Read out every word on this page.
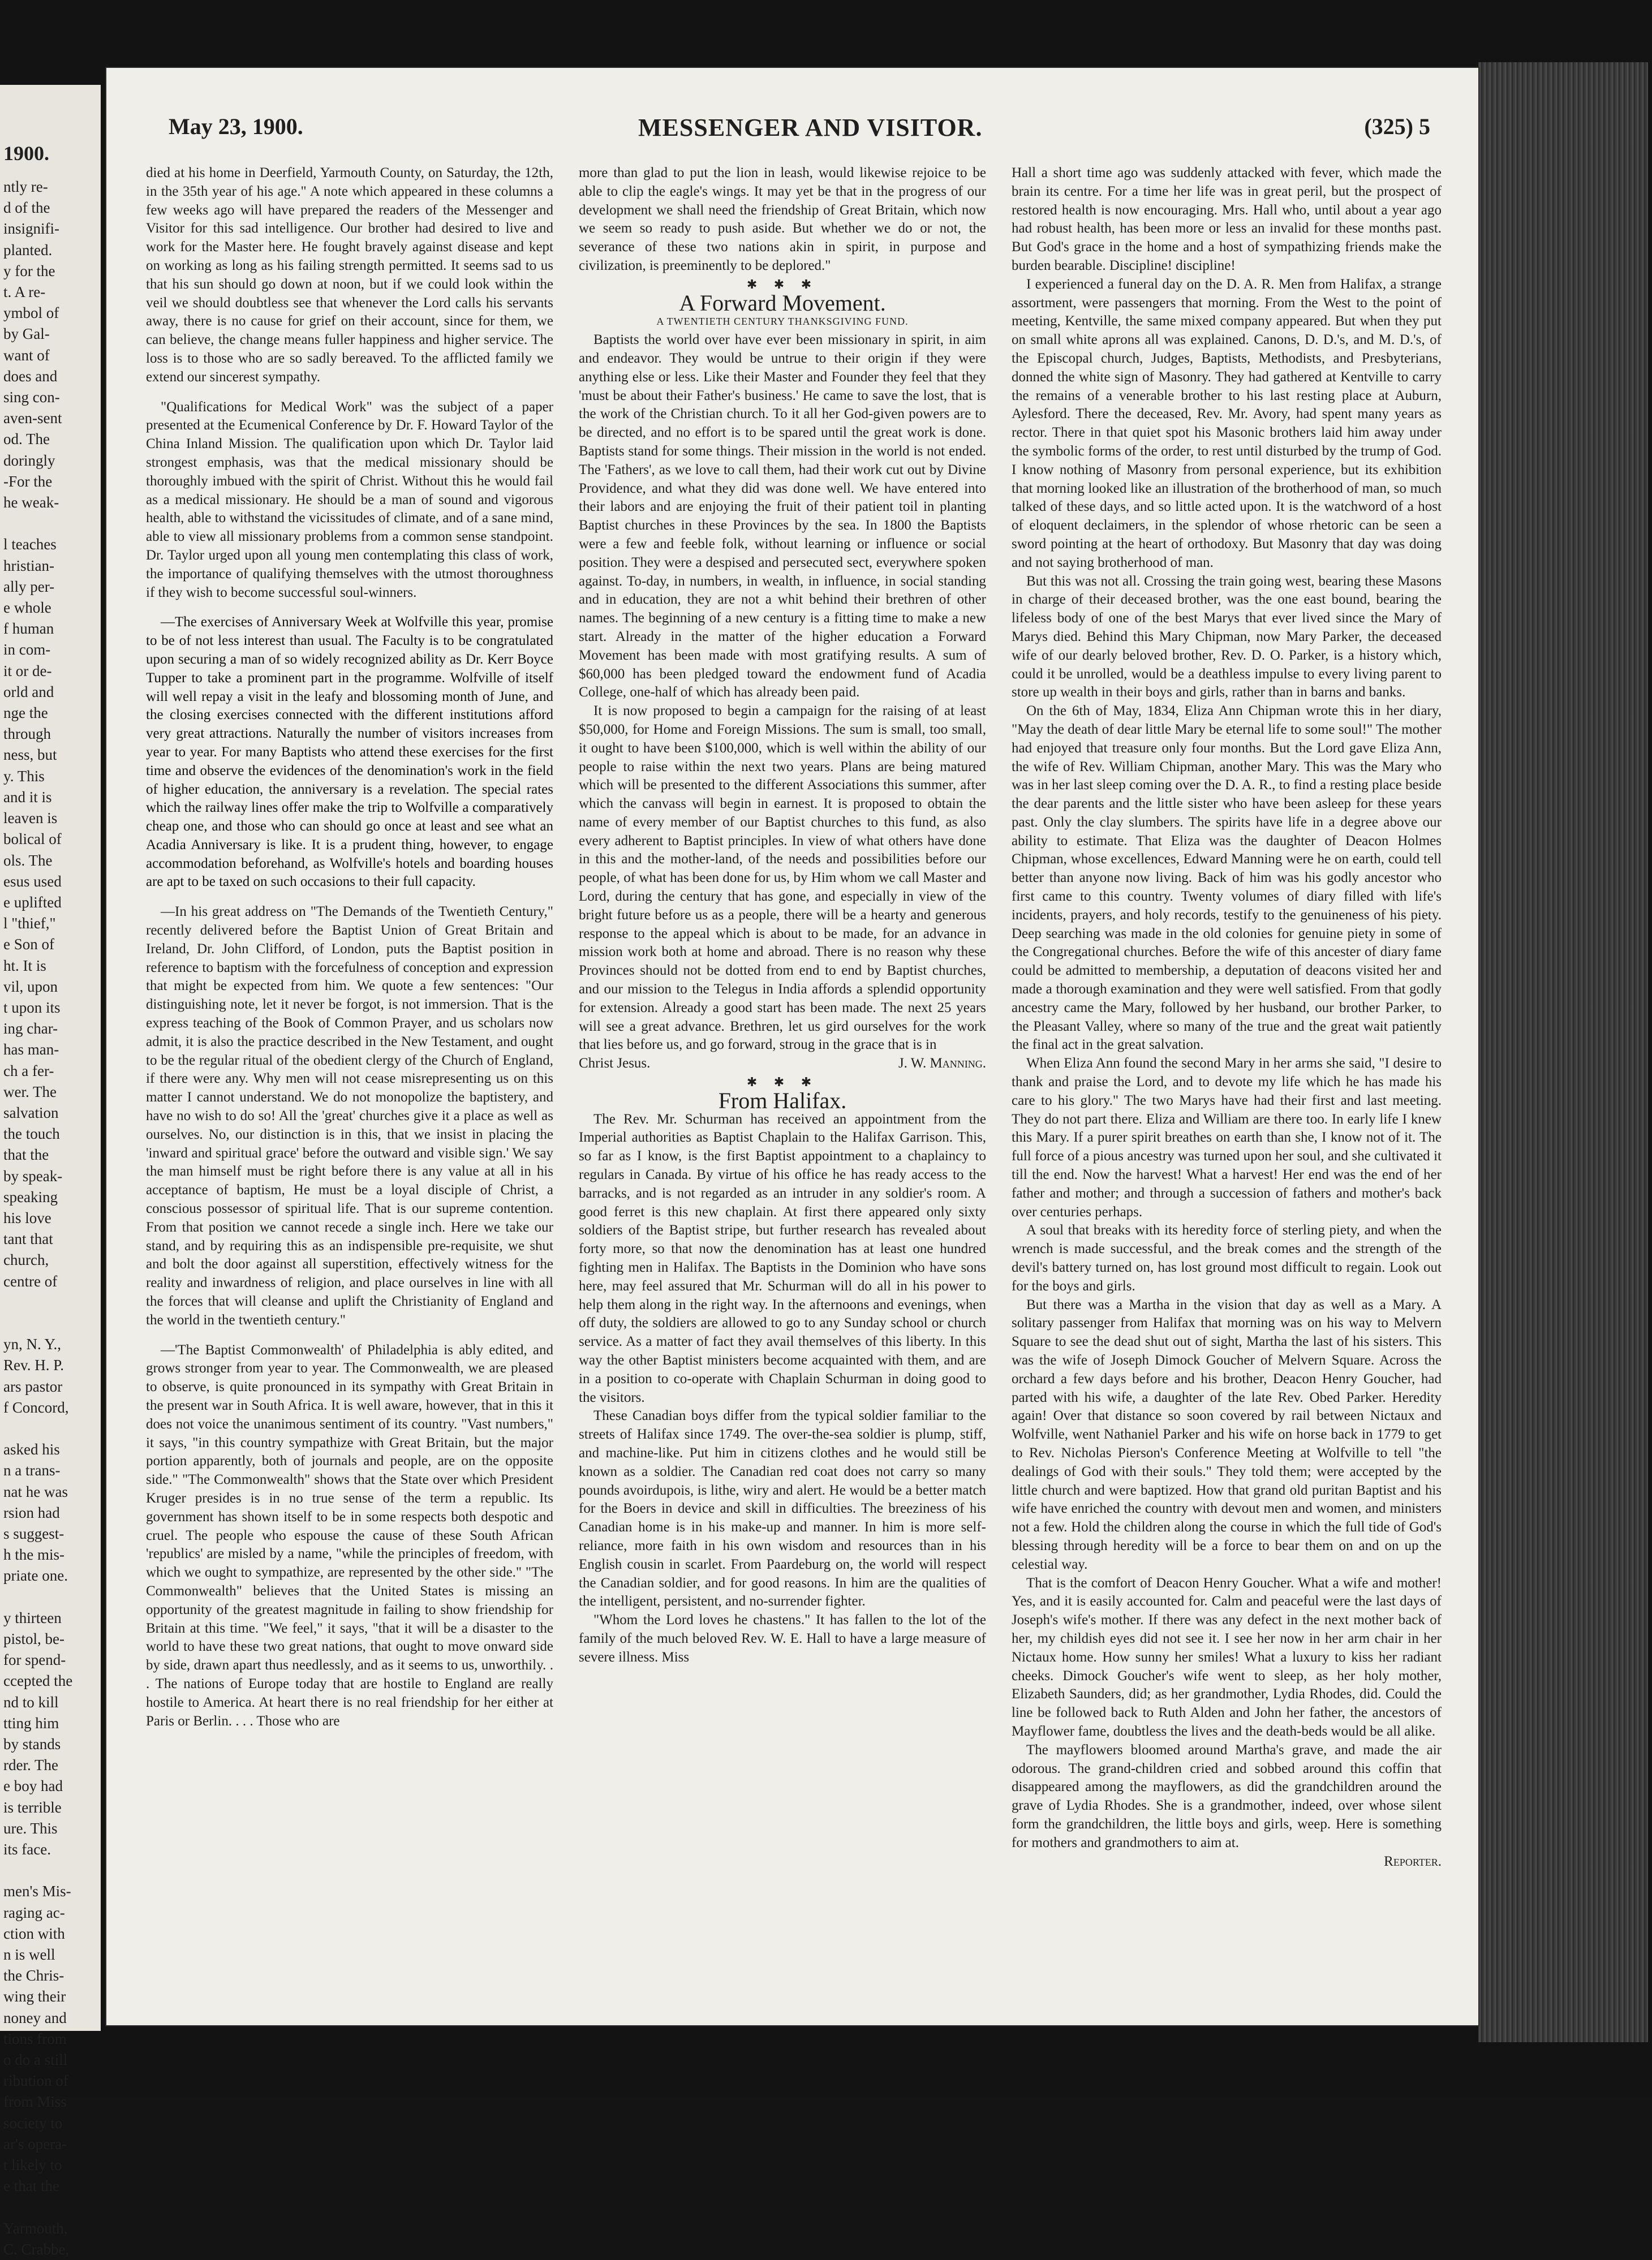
1900.
ntly re-
d of the
insignifi-
planted.
y for the
t. A re-
ymbol of
by Gal-
want of
does and
sing con-
aven-sent
od. The
doringly
-For the
he weak-

l teaches
hristian-
ally per-
e whole
f human
in com-
it or de-
orld and
nge the
through
ness, but
y. This
and it is
leaven is
bolical of
ols. The
esus used
e uplifted
l "thief,"
e Son of
ht. It is
vil, upon
t upon its
ing char-
has man-
ch a fer-
wer. The
salvation
the touch
that the
by speak-
speaking
his love
tant that
church,
centre of

yn, N. Y.,
Rev. H. P.
ars pastor
f Concord,

asked his
n a trans-
nat he was
rsion had
s suggest-
h the mis-
priate one.

y thirteen
pistol, be-
for spend-
ccepted the
nd to kill
tting him
by stands
rder. The
e boy had
is terrible
ure. This
its face.

men's Mis-
raging ac-
ction with
n is well
the Chris-
wing their
noney and
tions from
o do a still
ribution of
from Miss
society to
ar's opera-
t likely to
e that the

Yarmouth,
C. Crabbe,
May 23, 1900.	MESSENGER AND VISITOR.	(325) 5

died at his home in Deerfield, Yarmouth County, on Saturday, the 12th, in the 35th year of his age." A note which appeared in these columns a few weeks ago will have prepared the readers of the Messenger and Visitor for this sad intelligence. Our brother had desired to live and work for the Master here. He fought bravely against disease and kept on working as long as his failing strength permitted. It seems sad to us that his sun should go down at noon, but if we could look within the veil we should doubtless see that whenever the Lord calls his servants away, there is no cause for grief on their account, since for them, we can believe, the change means fuller happiness and higher service. The loss is to those who are so sadly bereaved. To the afflicted family we extend our sincerest sympathy.

"Qualifications for Medical Work" was the subject of a paper presented at the Ecumenical Conference by Dr. F. Howard Taylor of the China Inland Mission. The qualification upon which Dr. Taylor laid strongest emphasis, was that the medical missionary should be thoroughly imbued with the spirit of Christ. Without this he would fail as a medical missionary. He should be a man of sound and vigorous health, able to withstand the vicissitudes of climate, and of a sane mind, able to view all missionary problems from a common sense standpoint. Dr. Taylor urged upon all young men contemplating this class of work, the importance of qualifying themselves with the utmost thoroughness if they wish to become successful soul-winners.

—The exercises of Anniversary Week at Wolfville this year, promise to be of not less interest than usual. The Faculty is to be congratulated upon securing a man of so widely recognized ability as Dr. Kerr Boyce Tupper to take a prominent part in the programme. Wolfville of itself will well repay a visit in the leafy and blossoming month of June, and the closing exercises connected with the different institutions afford very great attractions. Naturally the number of visitors increases from year to year. For many Baptists who attend these exercises for the first time and observe the evidences of the denomination's work in the field of higher education, the anniversary is a revelation. The special rates which the railway lines offer make the trip to Wolfville a comparatively cheap one, and those who can should go once at least and see what an Acadia Anniversary is like. It is a prudent thing, however, to engage accommodation beforehand, as Wolfville's hotels and boarding houses are apt to be taxed on such occasions to their full capacity.

—In his great address on "The Demands of the Twentieth Century," recently delivered before the Baptist Union of Great Britain and Ireland, Dr. John Clifford, of London, puts the Baptist position in reference to baptism with the forcefulness of conception and expression that might be expected from him. We quote a few sentences: "Our distinguishing note, let it never be forgot, is not immersion. That is the express teaching of the Book of Common Prayer, and us scholars now admit, it is also the practice described in the New Testament, and ought to be the regular ritual of the obedient clergy of the Church of England, if there were any. Why men will not cease misrepresenting us on this matter I cannot understand. We do not monopolize the baptistery, and have no wish to do so! All the 'great' churches give it a place as well as ourselves. No, our distinction is in this, that we insist in placing the 'inward and spiritual grace' before the outward and visible sign.' We say the man himself must be right before there is any value at all in his acceptance of baptism, He must be a loyal disciple of Christ, a conscious possessor of spiritual life. That is our supreme contention. From that position we cannot recede a single inch. Here we take our stand, and by requiring this as an indispensible pre-requisite, we shut and bolt the door against all superstition, effectively witness for the reality and inwardness of religion, and place ourselves in line with all the forces that will cleanse and uplift the Christianity of England and the world in the twentieth century."

—'The Baptist Commonwealth' of Philadelphia is ably edited, and grows stronger from year to year. The Commonwealth, we are pleased to observe, is quite pronounced in its sympathy with Great Britain in the present war in South Africa. It is well aware, however, that in this it does not voice the unanimous sentiment of its country. "Vast numbers," it says, "in this country sympathize with Great Britain, but the major portion apparently, both of journals and people, are on the opposite side." "The Commonwealth" shows that the State over which President Kruger presides is in no true sense of the term a republic. Its government has shown itself to be in some respects both despotic and cruel. The people who espouse the cause of these South African 'republics' are misled by a name, "while the principles of freedom, with which we ought to sympathize, are represented by the other side." "The Commonwealth" believes that the United States is missing an opportunity of the greatest magnitude in failing to show friendship for Britain at this time. "We feel," it says, "that it will be a disaster to the world to have these two great nations, that ought to move onward side by side, drawn apart thus needlessly, and as it seems to us, unworthily. . . The nations of Europe today that are hostile to England are really hostile to America. At heart there is no real friendship for her either at Paris or Berlin. . . . Those who are

more than glad to put the lion in leash, would likewise rejoice to be able to clip the eagle's wings. It may yet be that in the progress of our development we shall need the friendship of Great Britain, which now we seem so ready to push aside. But whether we do or not, the severance of these two nations akin in spirit, in purpose and civilization, is preeminently to be deplored."

✱ ✱ ✱

A Forward Movement.

A TWENTIETH CENTURY THANKSGIVING FUND.

Baptists the world over have ever been missionary in spirit, in aim and endeavor. They would be untrue to their origin if they were anything else or less. Like their Master and Founder they feel that they 'must be about their Father's business.' He came to save the lost, that is the work of the Christian church. To it all her God-given powers are to be directed, and no effort is to be spared until the great work is done. Baptists stand for some things. Their mission in the world is not ended. The 'Fathers', as we love to call them, had their work cut out by Divine Providence, and what they did was done well. We have entered into their labors and are enjoying the fruit of their patient toil in planting Baptist churches in these Provinces by the sea. In 1800 the Baptists were a few and feeble folk, without learning or influence or social position. They were a despised and persecuted sect, everywhere spoken against. To-day, in numbers, in wealth, in influence, in social standing and in education, they are not a whit behind their brethren of other names. The beginning of a new century is a fitting time to make a new start. Already in the matter of the higher education a Forward Movement has been made with most gratifying results. A sum of $60,000 has been pledged toward the endowment fund of Acadia College, one-half of which has already been paid.

It is now proposed to begin a campaign for the raising of at least $50,000, for Home and Foreign Missions. The sum is small, too small, it ought to have been $100,000, which is well within the ability of our people to raise within the next two years. Plans are being matured which will be presented to the different Associations this summer, after which the canvass will begin in earnest. It is proposed to obtain the name of every member of our Baptist churches to this fund, as also every adherent to Baptist principles. In view of what others have done in this and the mother-land, of the needs and possibilities before our people, of what has been done for us, by Him whom we call Master and Lord, during the century that has gone, and especially in view of the bright future before us as a people, there will be a hearty and generous response to the appeal which is about to be made, for an advance in mission work both at home and abroad. There is no reason why these Provinces should not be dotted from end to end by Baptist churches, and our mission to the Telegus in India affords a splendid opportunity for extension. Already a good start has been made. The next 25 years will see a great advance. Brethren, let us gird ourselves for the work that lies before us, and go forward, stroug in the grace that is in

Christ Jesus.	J. W. Manning.

✱ ✱ ✱

From Halifax.

The Rev. Mr. Schurman has received an appointment from the Imperial authorities as Baptist Chaplain to the Halifax Garrison. This, so far as I know, is the first Baptist appointment to a chaplaincy to regulars in Canada. By virtue of his office he has ready access to the barracks, and is not regarded as an intruder in any soldier's room. A good ferret is this new chaplain. At first there appeared only sixty soldiers of the Baptist stripe, but further research has revealed about forty more, so that now the denomination has at least one hundred fighting men in Halifax. The Baptists in the Dominion who have sons here, may feel assured that Mr. Schurman will do all in his power to help them along in the right way. In the afternoons and evenings, when off duty, the soldiers are allowed to go to any Sunday school or church service. As a matter of fact they avail themselves of this liberty. In this way the other Baptist ministers become acquainted with them, and are in a position to co-operate with Chaplain Schurman in doing good to the visitors.

These Canadian boys differ from the typical soldier familiar to the streets of Halifax since 1749. The over-the-sea soldier is plump, stiff, and machine-like. Put him in citizens clothes and he would still be known as a soldier. The Canadian red coat does not carry so many pounds avoirdupois, is lithe, wiry and alert. He would be a better match for the Boers in device and skill in difficulties. The breeziness of his Canadian home is in his make-up and manner. In him is more self-reliance, more faith in his own wisdom and resources than in his English cousin in scarlet. From Paardeburg on, the world will respect the Canadian soldier, and for good reasons. In him are the qualities of the intelligent, persistent, and no-surrender fighter.

"Whom the Lord loves he chastens." It has fallen to the lot of the family of the much beloved Rev. W. E. Hall to have a large measure of severe illness. Miss

Hall a short time ago was suddenly attacked with fever, which made the brain its centre. For a time her life was in great peril, but the prospect of restored health is now encouraging. Mrs. Hall who, until about a year ago had robust health, has been more or less an invalid for these months past. But God's grace in the home and a host of sympathizing friends make the burden bearable. Discipline! discipline!

I experienced a funeral day on the D. A. R. Men from Halifax, a strange assortment, were passengers that morning. From the West to the point of meeting, Kentville, the same mixed company appeared. But when they put on small white aprons all was explained. Canons, D. D.'s, and M. D.'s, of the Episcopal church, Judges, Baptists, Methodists, and Presbyterians, donned the white sign of Masonry. They had gathered at Kentville to carry the remains of a venerable brother to his last resting place at Auburn, Aylesford. There the deceased, Rev. Mr. Avory, had spent many years as rector. There in that quiet spot his Masonic brothers laid him away under the symbolic forms of the order, to rest until disturbed by the trump of God. I know nothing of Masonry from personal experience, but its exhibition that morning looked like an illustration of the brotherhood of man, so much talked of these days, and so little acted upon. It is the watchword of a host of eloquent declaimers, in the splendor of whose rhetoric can be seen a sword pointing at the heart of orthodoxy. But Masonry that day was doing and not saying brotherhood of man.

But this was not all. Crossing the train going west, bearing these Masons in charge of their deceased brother, was the one east bound, bearing the lifeless body of one of the best Marys that ever lived since the Mary of Marys died. Behind this Mary Chipman, now Mary Parker, the deceased wife of our dearly beloved brother, Rev. D. O. Parker, is a history which, could it be unrolled, would be a deathless impulse to every living parent to store up wealth in their boys and girls, rather than in barns and banks.

On the 6th of May, 1834, Eliza Ann Chipman wrote this in her diary, "May the death of dear little Mary be eternal life to some soul!" The mother had enjoyed that treasure only four months. But the Lord gave Eliza Ann, the wife of Rev. William Chipman, another Mary. This was the Mary who was in her last sleep coming over the D. A. R., to find a resting place beside the dear parents and the little sister who have been asleep for these years past. Only the clay slumbers. The spirits have life in a degree above our ability to estimate. That Eliza was the daughter of Deacon Holmes Chipman, whose excellences, Edward Manning were he on earth, could tell better than anyone now living. Back of him was his godly ancestor who first came to this country. Twenty volumes of diary filled with life's incidents, prayers, and holy records, testify to the genuineness of his piety. Deep searching was made in the old colonies for genuine piety in some of the Congregational churches. Before the wife of this ancester of diary fame could be admitted to membership, a deputation of deacons visited her and made a thorough examination and they were well satisfied. From that godly ancestry came the Mary, followed by her husband, our brother Parker, to the Pleasant Valley, where so many of the true and the great wait patiently the final act in the great salvation.

When Eliza Ann found the second Mary in her arms she said, "I desire to thank and praise the Lord, and to devote my life which he has made his care to his glory." The two Marys have had their first and last meeting. They do not part there. Eliza and William are there too. In early life I knew this Mary. If a purer spirit breathes on earth than she, I know not of it. The full force of a pious ancestry was turned upon her soul, and she cultivated it till the end. Now the harvest! What a harvest! Her end was the end of her father and mother; and through a succession of fathers and mother's back over centuries perhaps.

A soul that breaks with its heredity force of sterling piety, and when the wrench is made successful, and the break comes and the strength of the devil's battery turned on, has lost ground most difficult to regain. Look out for the boys and girls.

But there was a Martha in the vision that day as well as a Mary. A solitary passenger from Halifax that morning was on his way to Melvern Square to see the dead shut out of sight, Martha the last of his sisters. This was the wife of Joseph Dimock Goucher of Melvern Square. Across the orchard a few days before and his brother, Deacon Henry Goucher, had parted with his wife, a daughter of the late Rev. Obed Parker. Heredity again! Over that distance so soon covered by rail between Nictaux and Wolfville, went Nathaniel Parker and his wife on horse back in 1779 to get to Rev. Nicholas Pierson's Conference Meeting at Wolfville to tell "the dealings of God with their souls." They told them; were accepted by the little church and were baptized. How that grand old puritan Baptist and his wife have enriched the country with devout men and women, and ministers not a few. Hold the children along the course in which the full tide of God's blessing through heredity will be a force to bear them on and on up the celestial way.

That is the comfort of Deacon Henry Goucher. What a wife and mother! Yes, and it is easily accounted for. Calm and peaceful were the last days of Joseph's wife's mother. If there was any defect in the next mother back of her, my childish eyes did not see it. I see her now in her arm chair in her Nictaux home. How sunny her smiles! What a luxury to kiss her radiant cheeks. Dimock Goucher's wife went to sleep, as her holy mother, Elizabeth Saunders, did; as her grandmother, Lydia Rhodes, did. Could the line be followed back to Ruth Alden and John her father, the ancestors of Mayflower fame, doubtless the lives and the death-beds would be all alike.

The mayflowers bloomed around Martha's grave, and made the air odorous. The grand-children cried and sobbed around this coffin that disappeared among the mayflowers, as did the grandchildren around the grave of Lydia Rhodes. She is a grandmother, indeed, over whose silent form the grandchildren, the little boys and girls, weep. Here is something for mothers and grandmothers to aim at.

Reporter.
